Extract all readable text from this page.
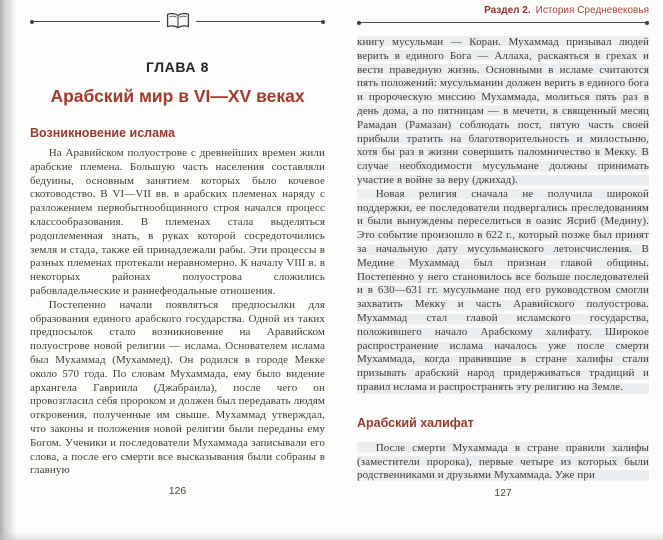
ГЛАВА 8
Арабский мир в VI—XV веках
Возникновение ислама

На Аравийском полуострове с древнейших времен жили арабские племена. Большую часть населения составляли бедуины, основным занятием которых было кочевое скотоводство. В VI—VII вв. в арабских племенах наряду с разложением первобытнообщинного строя начался процесс классообразования. В племенах стала выделяться родоплеменная знать, в руках которой сосредоточились земля и стада, также ей принадлежали рабы. Эти процессы в разных племенах протекали неравномерно. К началу VIII в. в некоторых районах полуострова сложились рабовладельческие и раннефеодальные отношения.

Постепенно начали появляться предпосылки для образования единого арабского государства. Одной из таких предпосылок стало возникновение на Аравийском полуострове новой религии — ислама. Основателем ислама был Мухаммад (Мухаммед). Он родился в городе Мекке около 570 года. По словам Мухаммада, ему было видение архангела Гавриила (Джабраила), после чего он провозгласил себя пророком и должен был передавать людям откровения, полученные им свыше. Мухаммад утверждал, что законы и положения новой религии были переданы ему Богом. Ученики и последователи Мухаммада записывали его слова, а после его смерти все высказывания были собраны в главную

126
Раздел 2. История Средневековья

книгу мусульман — Коран. Мухаммад призывал людей верить в единого Бога — Аллаха, раскаяться в грехах и вести праведную жизнь. Основными в исламе считаются пять положений: мусульманин должен верить в единого бога и пророческую миссию Мухаммада, молиться пять раз в день дома, а по пятницам — в мечети, в священный месяц Рамадан (Рамазан) соблюдать пост, пятую часть своей прибыли тратить на благотворительность и милостыню, хотя бы раз в жизни совершить паломничество в Мекку. В случае необходимости мусульмане должны принимать участие в войне за веру (джихад).

Новая религия сначала не получила широкой поддержки, ее последователи подвергались преследованиям и были вынуждены переселиться в оазис Ясриб (Медину). Это событие произошло в 622 г., который позже был принят за начальную дату мусульманского летоисчисления. В Медине Мухаммад был признан главой общины. Постепенно у него становилось все больше последователей и в 630—631 гг. мусульмане под его руководством смогли захватить Мекку и часть Аравийского полуострова. Мухаммад стал главой исламского государства, положившего начало Арабскому халифату. Широкое распространение ислама началось уже после смерти Мухаммада, когда правившие в стране халифы стали призывать арабский народ придерживаться традиций и правил ислама и распространять эту религию на Земле.

Арабский халифат

После смерти Мухаммада в стране правили халифы (заместители пророка), первые четыре из которых были родственниками и друзьями Мухаммада. Уже при

127
